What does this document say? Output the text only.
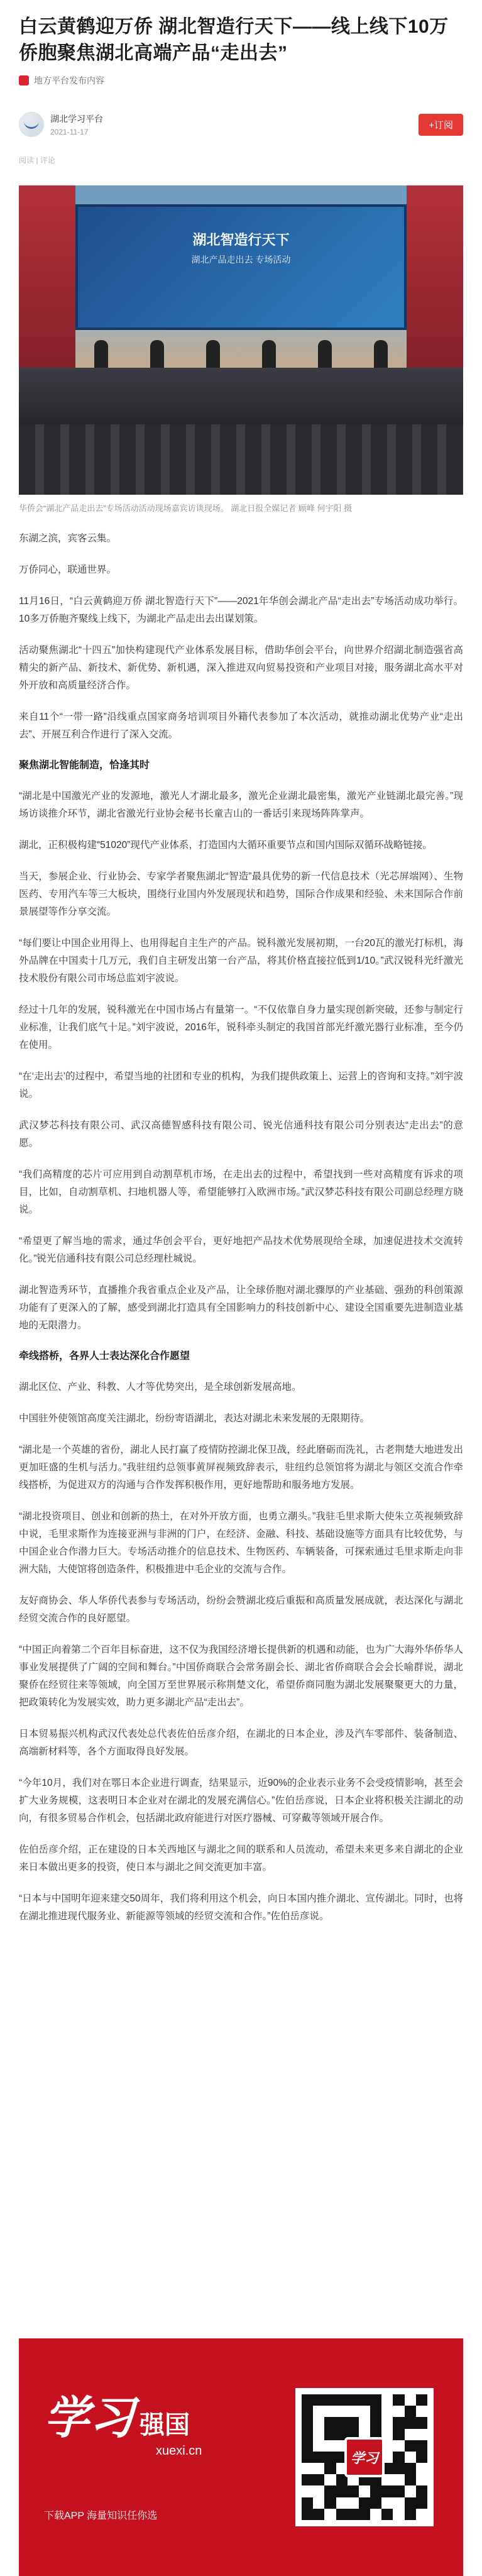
白云黄鹤迎万侨 湖北智造行天下——线上线下10万侨胞聚焦湖北高端产品“走出去”
地方平台发布内容
湖北学习平台
2021-11-17
+订阅
阅读 | 评论
湖北智造行天下
湖北产品走出去 专场活动
华侨会“湖北产品走出去”专场活动活动现场嘉宾访谈现场。 湖北日报全媒记者 顾峰 何宇阳 摄

东湖之滨，宾客云集。

万侨同心，联通世界。

11月16日，“白云黄鹤迎万侨 湖北智造行天下”——2021年华创会湖北产品“走出去”专场活动成功举行。10多万侨胞齐聚线上线下，为湖北产品走出去出谋划策。

活动聚焦湖北“十四五”加快构建现代产业体系发展目标，借助华创会平台，向世界介绍湖北制造强省高精尖的新产品、新技术、新优势、新机遇，深入推进双向贸易投资和产业项目对接，服务湖北高水平对外开放和高质量经济合作。

来自11个“一带一路”沿线重点国家商务培训项目外籍代表参加了本次活动，就推动湖北优势产业“走出去”、开展互利合作进行了深入交流。

聚焦湖北智能制造，恰逢其时

“湖北是中国激光产业的发源地，激光人才湖北最多，激光企业湖北最密集，激光产业链湖北最完善。”现场访谈推介环节，湖北省激光行业协会秘书长童吉山的一番话引来现场阵阵掌声。

湖北，正积极构建“51020”现代产业体系，打造国内大循环重要节点和国内国际双循环战略链接。

当天，参展企业、行业协会、专家学者聚焦湖北“智造”最具优势的新一代信息技术（光芯屏端网）、生物医药、专用汽车等三大板块，围绕行业国内外发展现状和趋势，国际合作成果和经验、未来国际合作前景展望等作分享交流。

“每们要让中国企业用得上、也用得起自主生产的产品。锐科激光发展初期，一台20瓦的激光打标机，海外品牌在中国卖十几万元，我们自主研发出第一台产品，将其价格直接拉低到1/10。”武汉锐科光纤激光技术股份有限公司市场总监刘宇波说。

经过十几年的发展，锐科激光在中国市场占有量第一。“不仅依靠自身力量实现创新突破，还参与制定行业标准，让我们底气十足。”刘宇波说，2016年，锐科牵头制定的我国首部光纤激光器行业标准，至今仍在使用。

“在‘走出去’的过程中，希望当地的社团和专业的机构，为我们提供政策上、运营上的咨询和支持。”刘宇波说。

武汉梦芯科技有限公司、武汉高德智感科技有限公司、锐光信通科技有限公司分别表达“走出去”的意愿。

“我们高精度的芯片可应用到自动割草机市场，在走出去的过程中，希望找到一些对高精度有诉求的项目，比如，自动割草机、扫地机器人等，希望能够打入欧洲市场。”武汉梦芯科技有限公司副总经理方晓说。

“希望更了解当地的需求，通过华创会平台，更好地把产品技术优势展现给全球，加速促进技术交流转化。”锐光信通科技有限公司总经理杜城说。

湖北智造秀环节，直播推介我省重点企业及产品，让全球侨胞对湖北骤厚的产业基础、强劲的科创策源功能有了更深入的了解，感受到湖北打造具有全国影响力的科技创新中心、建设全国重要先进制造业基地的无限潜力。

牵线搭桥，各界人士表达深化合作愿望

湖北区位、产业、科教、人才等优势突出，是全球创新发展高地。

中国驻外使领馆高度关注湖北，纷纷寄语湖北，表达对湖北未来发展的无限期待。

“湖北是一个英雄的省份，湖北人民打赢了疫情防控湖北保卫战，经此磨砺而洗礼，古老荆楚大地进发出更加旺盛的生机与活力。”我驻纽约总领事黄屏视频致辞表示，驻纽约总领馆将为湖北与领区交流合作牵线搭桥，为促进双方的沟通与合作发挥积极作用，更好地帮助和服务地方发展。

“湖北投资项目、创业和创新的热土，在对外开放方面，也勇立潮头。”我驻毛里求斯大使朱立英视频致辞中说，毛里求斯作为连接亚洲与非洲的门户，在经济、金融、科技、基础设施等方面具有比较优势，与中国企业合作潜力巨大。专场活动推介的信息技术、生物医药、车辆装备，可探索通过毛里求斯走向非洲大陆，大使馆将创造条件，积极推进中毛企业的交流与合作。

友好商协会、华人华侨代表参与专场活动，纷纷会赞湖北疫后重振和高质量发展成就，表达深化与湖北经贸交流合作的良好愿望。

“中国正向着第二个百年目标奋进，这不仅为我国经济增长提供新的机遇和动能，也为广大海外华侨华人事业发展提供了广阔的空间和舞台。”中国侨商联合会常务副会长、湖北省侨商联合会会长喻群说，湖北聚侨在经贸往来等领域，向全国万至世界展示称荆楚文化，希望侨商同胞为湖北发展聚聚更大的力量，把政策转化为发展实效，助力更多湖北产品“走出去”。

日本贸易振兴机构武汉代表处总代表佐伯岳彦介绍，在湖北的日本企业，涉及汽车零部件、装备制造、高端新材料等，各个方面取得良好发展。

“今年10月，我们对在鄂日本企业进行调查，结果显示，近90%的企业表示业务不会受疫情影响，甚至会扩大业务规模，这表明日本企业对在湖北的发展充满信心。”佐伯岳彦说，日本企业将积极关注湖北的动向，有很多贸易合作机会，包括湖北政府能进行对医疗器械、可穿戴等领域开展合作。

佐伯岳彦介绍，正在建设的日本关西地区与湖北之间的联系和人员流动，希望未来更多来自湖北的企业来日本做出更多的投资，使日本与湖北之间交流更加丰富。

“日本与中国明年迎来建交50周年，我们将利用这个机会，向日本国内推介湖北、宣传湖北。同时，也将在湖北推进现代服务业、新能源等领域的经贸交流和合作。”佐伯岳彦说。

学习 强国
xuexi.cn
下载APP 海量知识任你选
学习
